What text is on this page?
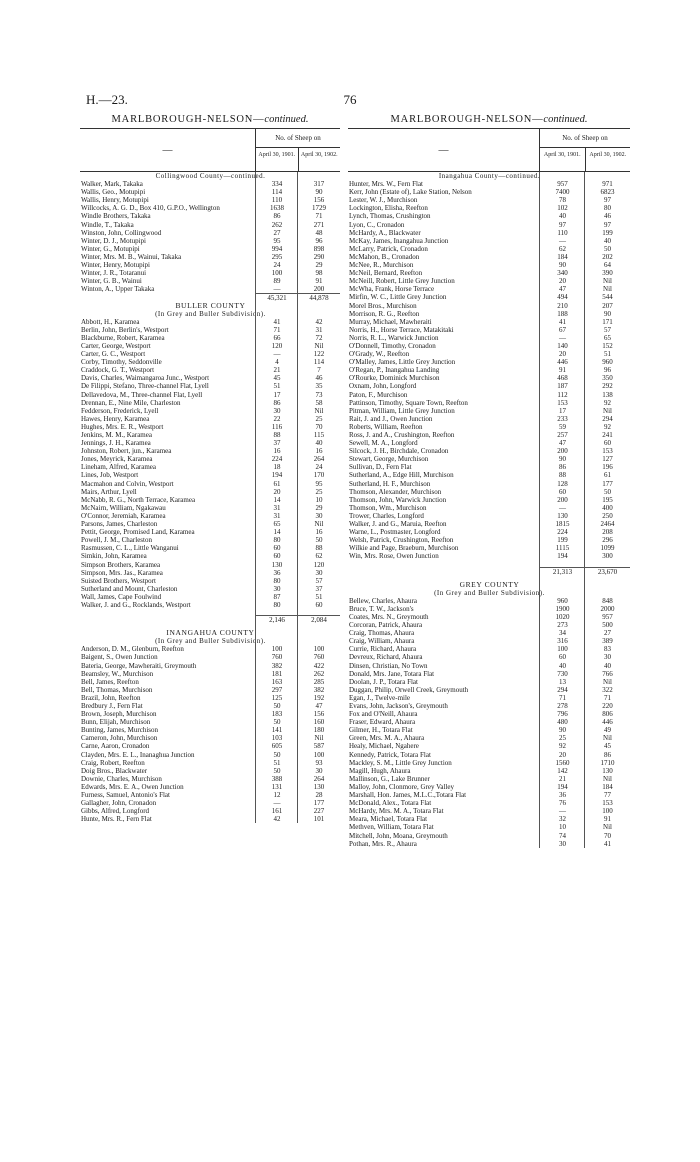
H.—23.	76
MARLBOROUGH-NELSON—continued.
—
No. of Sheep on
April 30, 1901. April 30, 1902.
Collingwood County—continued.
Walker, Mark, Takaka	334	317
Wallis, Geo., Motupipi	114	90
Wallis, Henry, Motupipi	110	156
Willcocks, A. G. D., Box 410, G.P.O., Wellington	1638	1729
Windle Brothers, Takaka	86	71
Windle, T., Takaka	262	271
Winston, John, Collingwood	27	48
Winter, D. J., Motupipi	95	96
Winter, G., Motupipi	994	898
Winter, Mrs. M. B., Wainui, Takaka	295	290
Winter, Henry, Motupipi	24	29
Winter, J. R., Totaranui	100	98
Winter, G. B., Wainui	89	91
Winton, A., Upper Takaka	—	200
45,321	44,878
BULLER COUNTY
(In Grey and Buller Subdivision).
Abbott, H., Karamea	41	42
Berlin, John, Berlin's, Westport	71	31
Blackburne, Robert, Karamea	66	72
Carter, George, Westport	120	Nil
Carter, G. C., Westport	—	122
Corby, Timothy, Seddonville	4	114
Craddock, G. T., Westport	21	7
Davis, Charles, Waimangaroa Junc., Westport	45	46
De Filippi, Stefano, Three-channel Flat, Lyell	51	35
Dellavedova, M., Three-channel Flat, Lyell	17	73
Drennan, E., Nine Mile, Charleston	86	58
Fedderson, Frederick, Lyell	30	Nil
Hawes, Henry, Karamea	22	25
Hughes, Mrs. E. R., Westport	116	70
Jenkins, M. M., Karamea	88	115
Jennings, J. H., Karamea	37	40
Johnston, Robert, jun., Karamea	16	16
Jones, Meyrick, Karamea	224	264
Lineham, Alfred, Karamea	18	24
Lines, Job, Westport	194	170
Macmahon and Colvin, Westport	61	95
Mairs, Arthur, Lyell	20	25
McNabb, R. G., North Terrace, Karamea	14	10
McNairn, William, Ngakawau	31	29
O'Connor, Jeremiah, Karamea	31	30
Parsons, James, Charleston	65	Nil
Pettit, George, Promised Land, Karamea	14	16
Powell, J. M., Charleston	80	50
Rasmussen, C. L., Little Wanganui	60	88
Simkin, John, Karamea	60	62
Simpson Brothers, Karamea	130	120
Simpson, Mrs. Jas., Karamea	36	30
Suisted Brothers, Westport	80	57
Sutherland and Mount, Charleston	30	37
Wall, James, Cape Foulwind	87	51
Walker, J. and G., Rocklands, Westport	80	60
2,146	2,084
INANGAHUA COUNTY
(In Grey and Buller Subdivision).
Anderson, D. M., Glenburn, Reefton	100	100
Baigent, S., Owen Junction	760	760
Bateria, George, Mawheraiti, Greymouth	382	422
Beamsley, W., Murchison	181	262
Bell, James, Reefton	163	285
Bell, Thomas, Murchison	297	382
Brazil, John, Reefton	125	192
Bredbury J., Fern Flat	50	47
Brown, Joseph, Murchison	183	156
Bunn, Elijah, Murchison	50	160
Bunting, James, Murchison	141	180
Cameron, John, Murchison	103	Nil
Carne, Aaron, Cronadon	605	587
Clayden, Mrs. E. L., Inanaghua Junction	50	100
Craig, Robert, Reefton	51	93
Doig Bros., Blackwater	50	30
Downie, Charles, Murchison	388	264
Edwards, Mrs. E. A., Owen Junction	131	130
Furness, Samuel, Antonio's Flat	12	28
Gallagher, John, Cronadon	—	177
Gibbs, Alfred, Longford	161	227
Hunte, Mrs. R., Fern Flat	42	101
MARLBOROUGH-NELSON—continued.
—
No. of Sheep on
April 30, 1901.	April 30, 1902.
Inangahua County—continued.
Hunter, Mrs. W., Fern Flat	957	971
Kerr, John (Estate of), Lake Station, Nelson	7400	6823
Lester, W. J., Murchison	78	97
Lockington, Elisha, Reefton	102	80
Lynch, Thomas, Crushington	40	46
Lyon, C., Cronadon	97	97
McHardy, A., Blackwater	110	199
McKay, James, Inangahua Junction	—	40
McLarry, Patrick, Cronadon	62	50
McMahon, B., Cronadon	184	202
McNee, R., Murchison	90	64
McNeil, Bernard, Reefton	340	390
McNeill, Robert, Little Grey Junction	20	Nil
McWha, Frank, Horse Terrace	47	Nil
Mirfin, W. C., Little Grey Junction	494	544
Morel Bros., Murchison	210	207
Morrison, R. G., Reefton	188	90
Murray, Michael, Mawheraiti	41	171
Norris, H., Horse Terrace, Matakitaki	67	57
Norris, R. L., Warwick Junction	—	65
O'Donnell, Timothy, Cronadon	140	152
O'Grady, W., Reefton	20	51
O'Malley, James, Little Grey Junction	446	960
O'Regan, P., Inangahua Landing	91	96
O'Rourke, Dominick Murchison	468	350
Oxnam, John, Longford	187	292
Paton, F., Murchison	112	138
Pattinson, Timothy, Square Town, Reefton	153	92
Pitman, William, Little Grey Junction	17	Nil
Rait, J. and J., Owen Junction	233	294
Roberts, William, Reefton	59	92
Ross, J. and A., Crushington, Reefton	257	241
Sewell, M. A., Longford	47	60
Silcock, J. H., Birchdale, Cronadon	200	153
Stewart, George, Murchison	90	127
Sullivan, D., Fern Flat	86	196
Sutherland, A., Edge Hill, Murchison	88	61
Sutherland, H. F., Murchison	128	177
Thomson, Alexander, Murchison	60	50
Thomson, John, Warwick Junction	200	195
Thomson, Wm., Murchison	—	400
Trower, Charles, Longford	130	250
Walker, J. and G., Maruia, Reefton	1815	2464
Warne, L., Postmaster, Longford	224	208
Welsh, Patrick, Crushington, Reefton	199	296
Wilkie and Page, Braeburn, Murchison	1115	1099
Win, Mrs. Rose, Owen Junction	194	300
21,313	23,670
GREY COUNTY
(In Grey and Buller Subdivision).
Bellew, Charles, Ahaura	960	848
Bruce, T. W., Jackson's	1900	2000
Coates, Mrs. N., Greymouth	1020	957
Corcoran, Patrick, Ahaura	273	500
Craig, Thomas, Ahaura	34	27
Craig, William, Ahaura	316	389
Currie, Richard, Ahaura	100	83
Devreux, Richard, Ahaura	60	30
Dinsen, Christian, No Town	40	40
Donald, Mrs. Jane, Totara Flat	730	766
Doolan, J. P., Totara Flat	13	Nil
Duggan, Philip, Orwell Creek, Greymouth	294	322
Egan, J., Twelve-mile	71	71
Evans, John, Jackson's, Greymouth	278	220
Fox and O'Neill, Ahaura	796	806
Fraser, Edward, Ahaura	480	446
Gilmer, H., Totara Flat	90	49
Green, Mrs. M. A., Ahaura	25	Nil
Healy, Michael, Ngahere	92	45
Kennedy, Patrick, Totara Flat	20	86
Mackley, S. M., Little Grey Junction	1560	1710
Magill, Hugh, Ahaura	142	130
Mallinson, G., Lake Brunner	21	Nil
Malloy, John, Clonmore, Grey Valley	194	184
Marshall, Hon. James, M.L.C.,Totara Flat	36	77
McDonald, Alex., Totara Flat	76	153
McHardy, Mrs. M. A., Totara Flat	—	100
Meara, Michael, Totara Flat	32	91
Methven, William, Totara Flat	10	Nil
Mitchell, John, Moana, Greymouth	74	70
Pothan, Mrs. R., Ahaura	30	41
